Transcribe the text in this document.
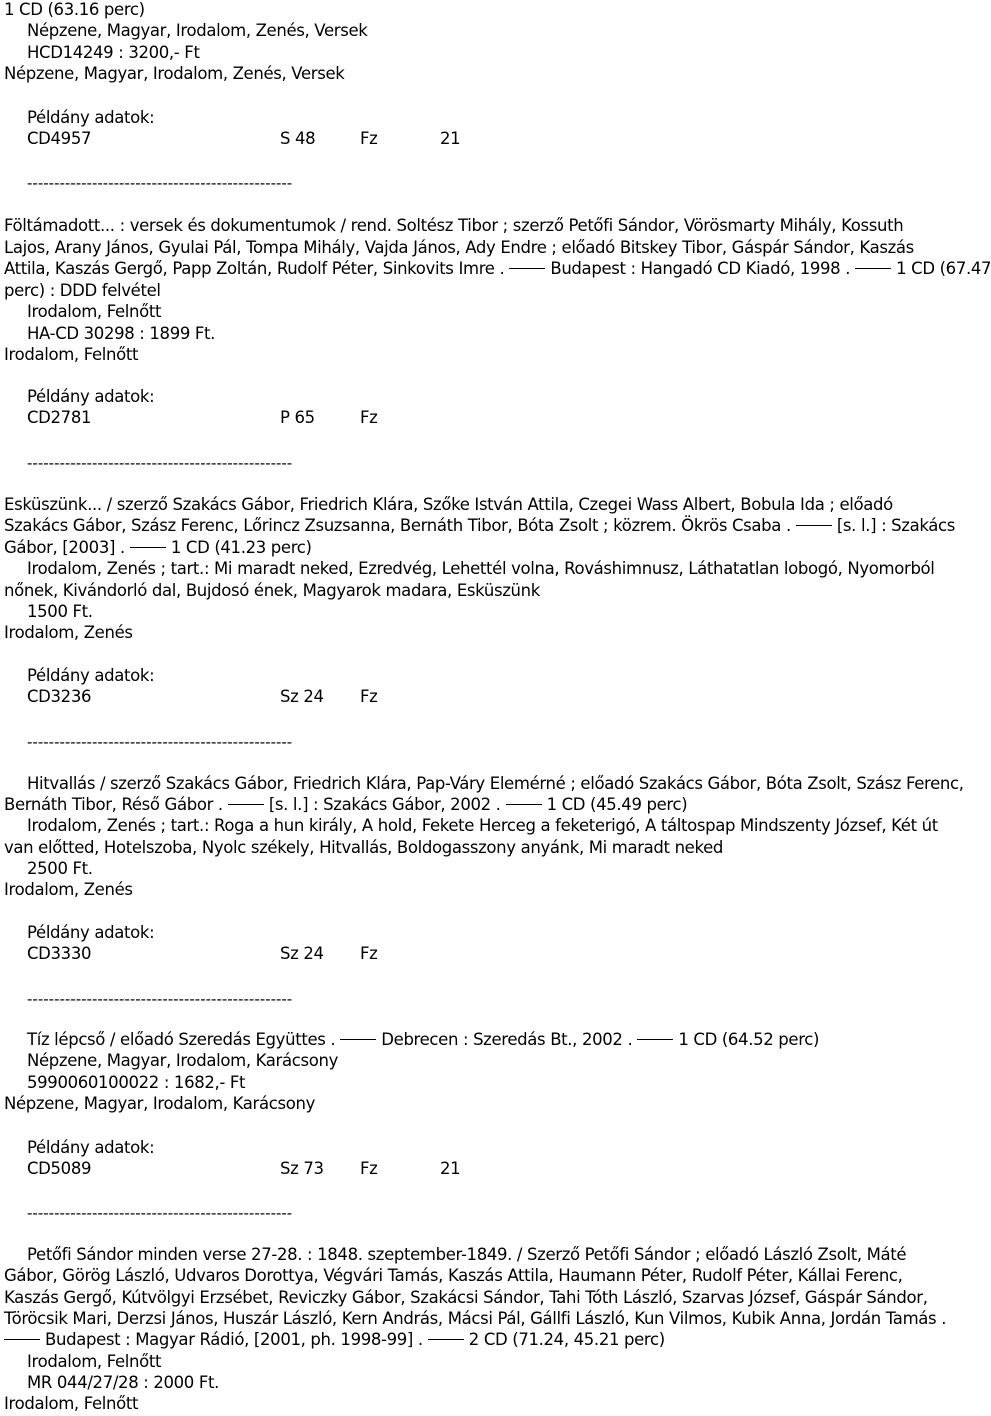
1 CD (63.16 perc)
Népzene, Magyar, Irodalom, Zenés, Versek
HCD14249 : 3200,- Ft
Népzene, Magyar, Irodalom, Zenés, Versek
Példány adatok:
CD4957	S 48	Fz	21
-------------------------------------------------
Föltámadott... : versek és dokumentumok / rend. Soltész Tibor ; szerző Petőfi Sándor, Vörösmarty Mihály, Kossuth
Lajos, Arany János, Gyulai Pál, Tompa Mihály, Vajda János, Ady Endre ; előadó Bitskey Tibor, Gáspár Sándor, Kaszás
Attila, Kaszás Gergő, Papp Zoltán, Rudolf Péter, Sinkovits Imre .	Budapest : Hangadó CD Kiadó, 1998 .	1 CD (67.47
perc) : DDD felvétel
Irodalom, Felnőtt
HA-CD 30298 : 1899 Ft.
Irodalom, Felnőtt
Példány adatok:
CD2781	P 65	Fz
-------------------------------------------------
Esküszünk... / szerző Szakács Gábor, Friedrich Klára, Szőke István Attila, Czegei Wass Albert, Bobula Ida ; előadó
Szakács Gábor, Szász Ferenc, Lőrincz Zsuzsanna, Bernáth Tibor, Bóta Zsolt ; közrem. Ökrös Csaba .	[s. l.] : Szakács
Gábor, [2003] .	1 CD (41.23 perc)
Irodalom, Zenés ; tart.: Mi maradt neked, Ezredvég, Lehettél volna, Rováshimnusz, Láthatatlan lobogó, Nyomorból
nőnek, Kivándorló dal, Bujdosó ének, Magyarok madara, Esküszünk
1500 Ft.
Irodalom, Zenés
Példány adatok:
CD3236	Sz 24 Fz
-------------------------------------------------
Hitvallás / szerző Szakács Gábor, Friedrich Klára, Pap-Váry Elemérné ; előadó Szakács Gábor, Bóta Zsolt, Szász Ferenc,
Bernáth Tibor, Réső Gábor .	[s. l.] : Szakács Gábor, 2002 .	1 CD (45.49 perc)
Irodalom, Zenés ; tart.: Roga a hun király, A hold, Fekete Herceg a feketerigó, A táltospap Mindszenty József, Két út
van előtted, Hotelszoba, Nyolc székely, Hitvallás, Boldogasszony anyánk, Mi maradt neked
2500 Ft.
Irodalom, Zenés
Példány adatok:
CD3330	Sz 24 Fz
-------------------------------------------------
Tíz lépcső / előadó Szeredás Együttes .	Debrecen : Szeredás Bt., 2002 .	1 CD (64.52 perc)
Népzene, Magyar, Irodalom, Karácsony
5990060100022 : 1682,- Ft
Népzene, Magyar, Irodalom, Karácsony
Példány adatok:
CD5089	Sz 73 Fz	21
-------------------------------------------------
Petőfi Sándor minden verse 27-28. : 1848. szeptember-1849. / Szerző Petőfi Sándor ; előadó László Zsolt, Máté
Gábor, Görög László, Udvaros Dorottya, Végvári Tamás, Kaszás Attila, Haumann Péter, Rudolf Péter, Kállai Ferenc,
Kaszás Gergő, Kútvölgyi Erzsébet, Reviczky Gábor, Szakácsi Sándor, Tahi Tóth László, Szarvas József, Gáspár Sándor,
Töröcsik Mari, Derzsi János, Huszár László, Kern András, Mácsi Pál, Gállfi László, Kun Vilmos, Kubik Anna, Jordán Tamás .
Budapest : Magyar Rádió, [2001, ph. 1998-99] .	2 CD (71.24, 45.21 perc)
Irodalom, Felnőtt
MR 044/27/28 : 2000 Ft.
Irodalom, Felnőtt
